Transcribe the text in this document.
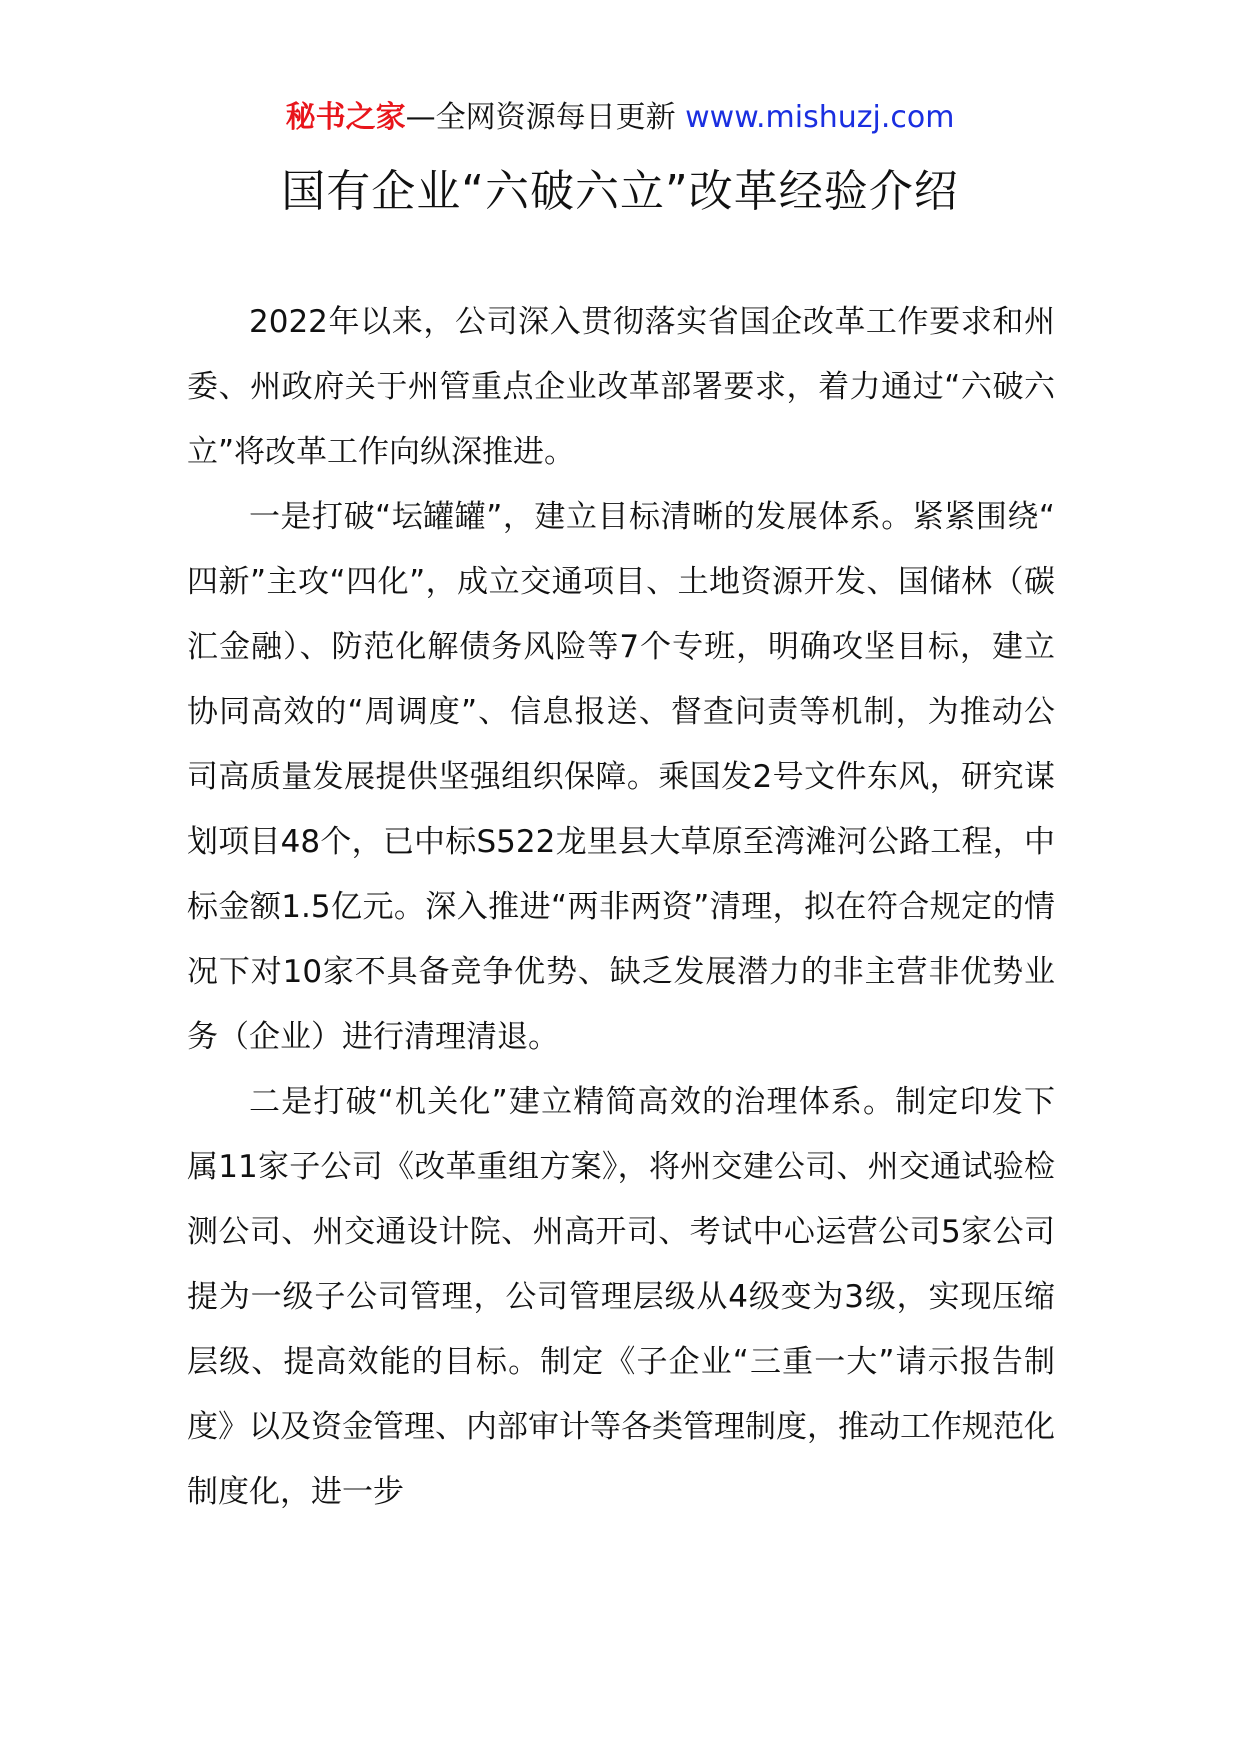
秘书之家—全网资源每日更新 www.mishuzj.com
国有企业“六破六立”改革经验介绍

2022年以来，公司深入贯彻落实省国企改革工作要求和州委、州政府关于州管重点企业改革部署要求，着力通过“六破六立”将改革工作向纵深推进。

一是打破“坛罐罐”，建立目标清晰的发展体系。紧紧围绕“四新”主攻“四化”，成立交通项目、土地资源开发、国储林（碳汇金融）、防范化解债务风险等7个专班，明确攻坚目标，建立协同高效的“周调度”、信息报送、督查问责等机制，为推动公司高质量发展提供坚强组织保障。乘国发2号文件东风，研究谋划项目48个，已中标S522龙里县大草原至湾滩河公路工程，中标金额1.5亿元。深入推进“两非两资”清理，拟在符合规定的情况下对10家不具备竞争优势、缺乏发展潜力的非主营非优势业务（企业）进行清理清退。

二是打破“机关化”建立精简高效的治理体系。制定印发下属11家子公司《改革重组方案》，将州交建公司、州交通试验检测公司、州交通设计院、州高开司、考试中心运营公司5家公司提为一级子公司管理，公司管理层级从4级变为3级，实现压缩层级、提高效能的目标。制定《子企业“三重一大”请示报告制度》以及资金管理、内部审计等各类管理制度，推动工作规范化制度化，进一步
